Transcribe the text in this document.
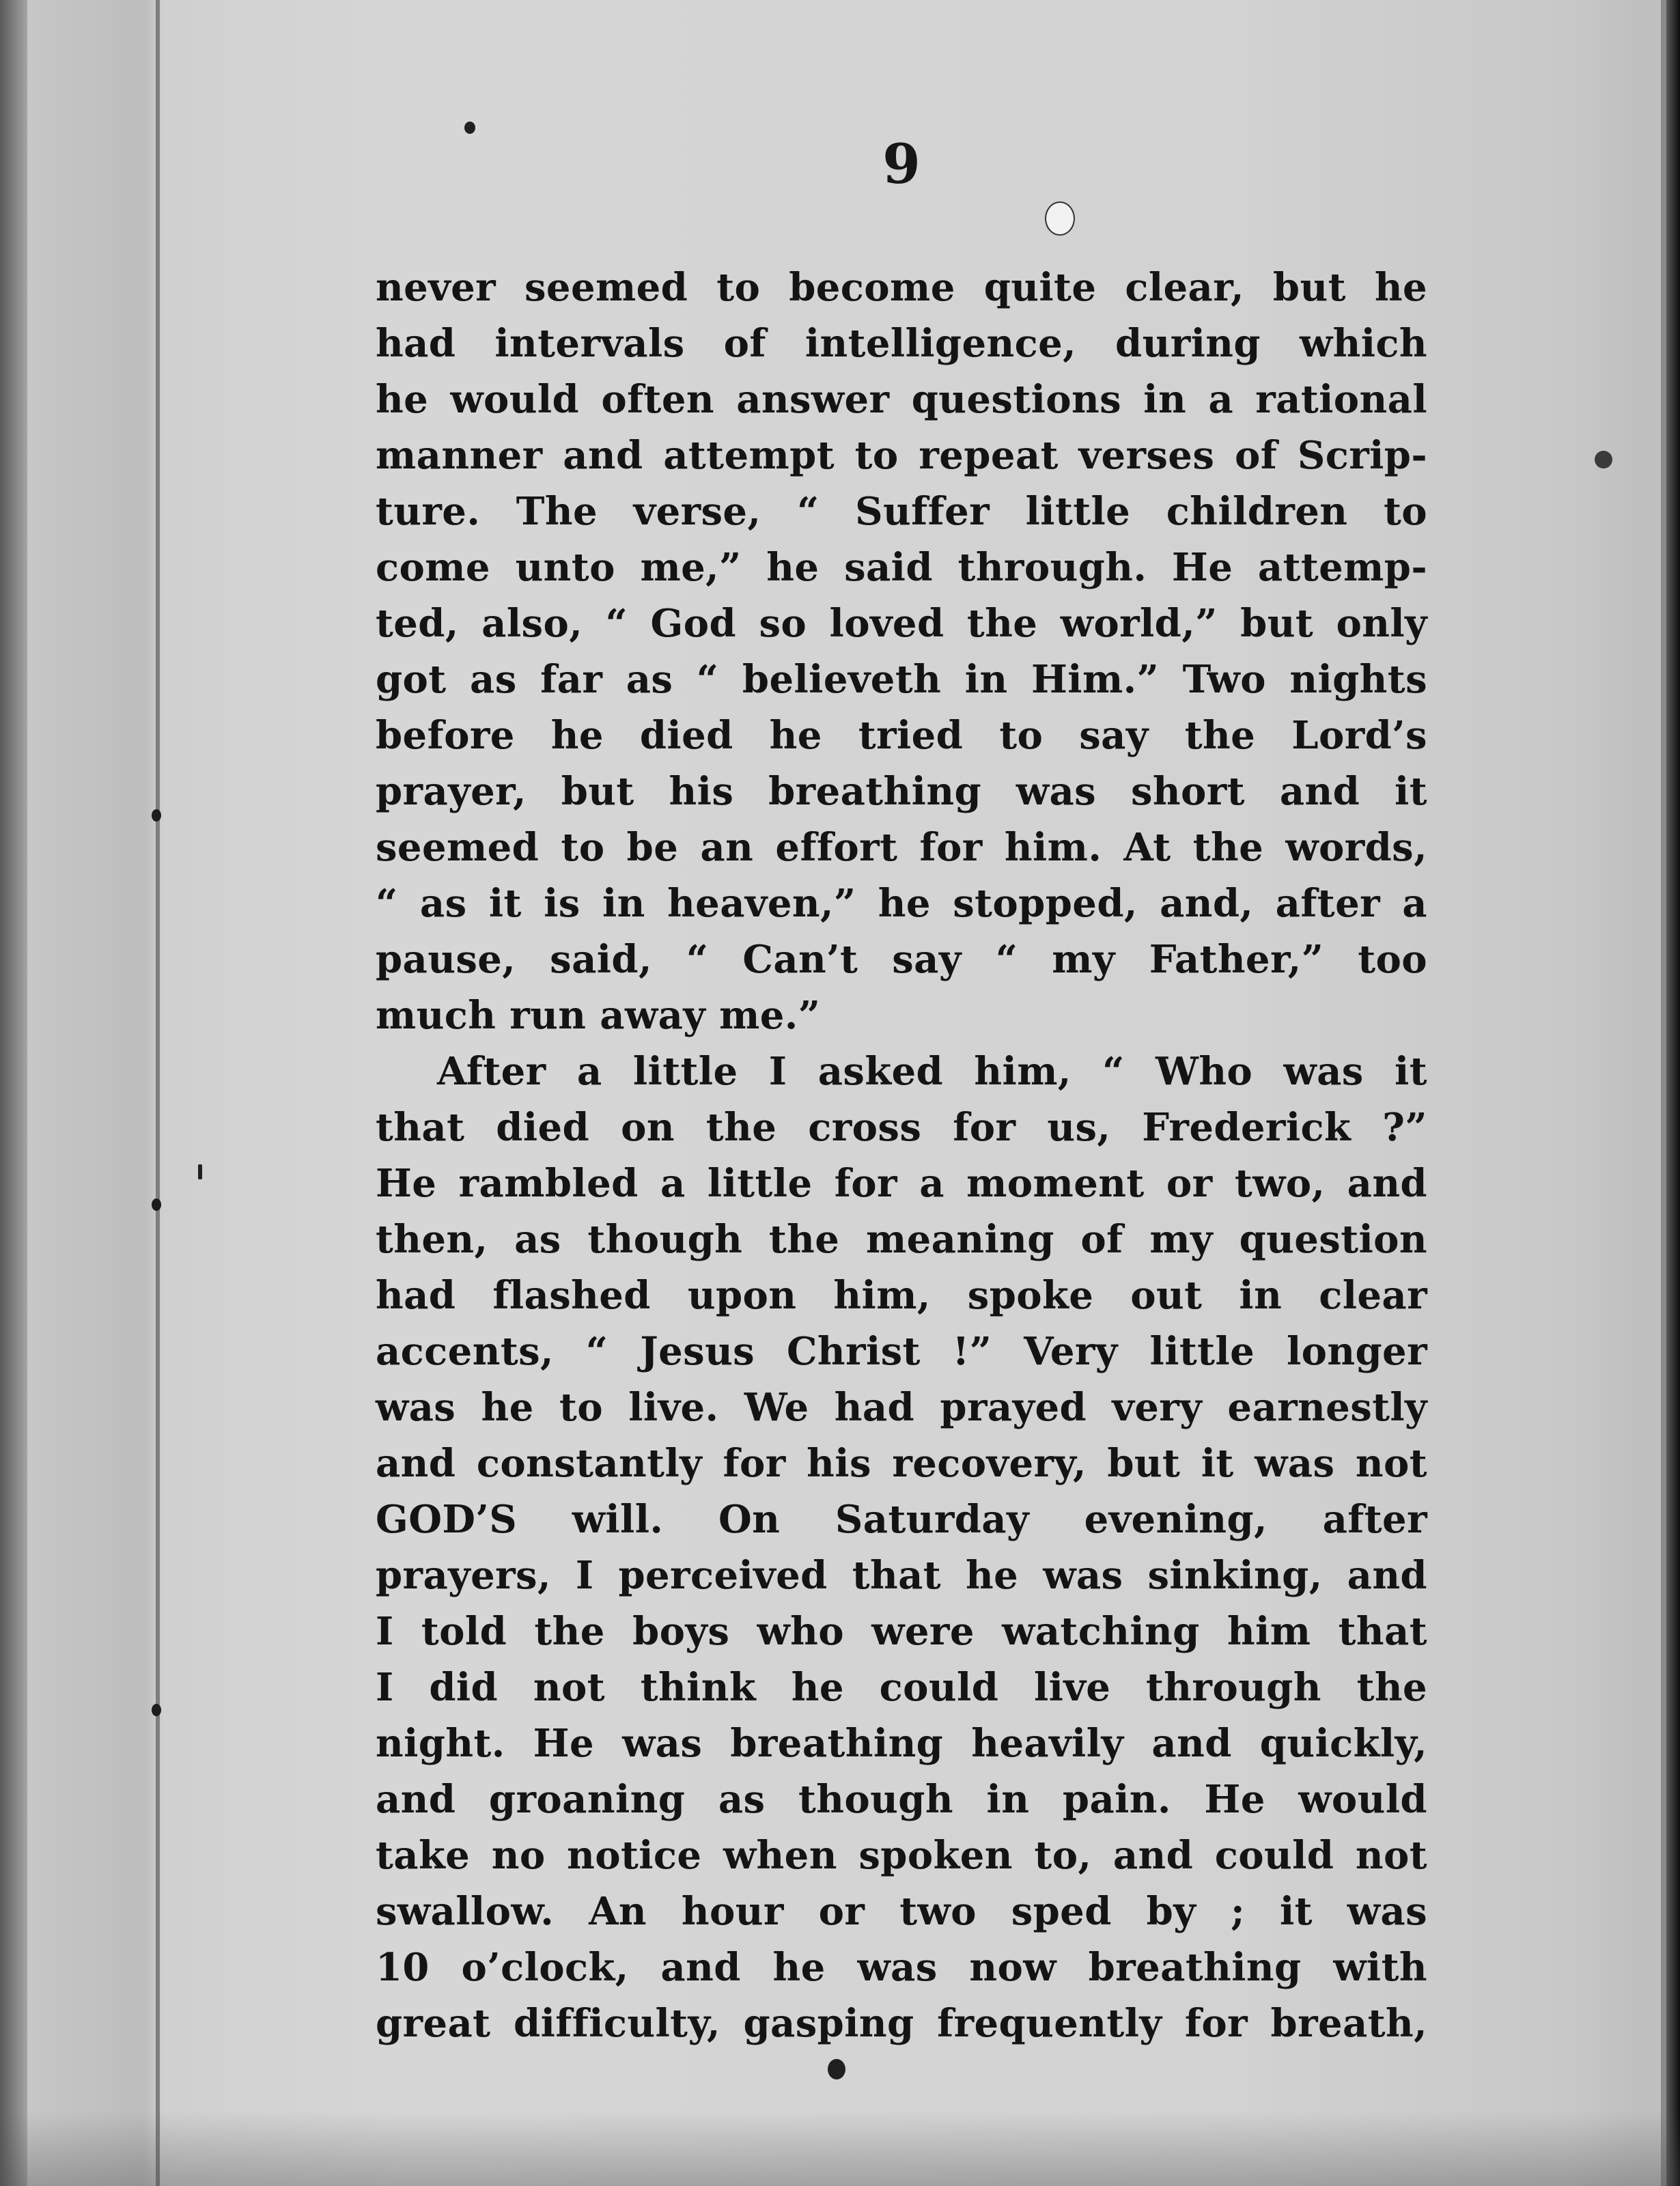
9
never seemed to become quite clear, but he
had intervals of intelligence, during which
he would often answer questions in a rational
manner and attempt to repeat verses of Scrip-
ture. The verse, “ Suffer little children to
come unto me,” he said through. He attemp-
ted, also, “ God so loved the world,” but only
got as far as “ believeth in Him.” Two nights
before he died he tried to say the Lord’s
prayer, but his breathing was short and it
seemed to be an effort for him. At the words,
“ as it is in heaven,” he stopped, and, after a
pause, said, “ Can’t say “ my Father,” too
much run away me.”
After a little I asked him, “ Who was it
that died on the cross for us, Frederick ?”
He rambled a little for a moment or two, and
then, as though the meaning of my question
had flashed upon him, spoke out in clear
accents, “ Jesus Christ !” Very little longer
was he to live. We had prayed very earnestly
and constantly for his recovery, but it was not
GOD’S will. On Saturday evening, after
prayers, I perceived that he was sinking, and
I told the boys who were watching him that
I did not think he could live through the
night. He was breathing heavily and quickly,
and groaning as though in pain. He would
take no notice when spoken to, and could not
swallow. An hour or two sped by ; it was
10 o’clock, and he was now breathing with
great difficulty, gasping frequently for breath,
